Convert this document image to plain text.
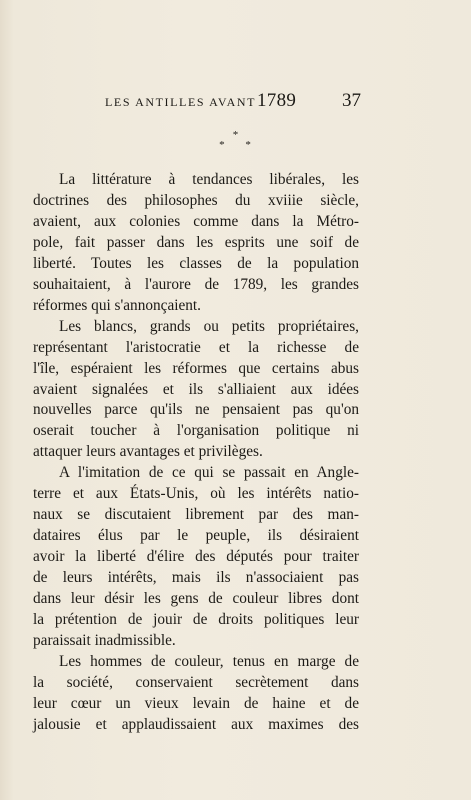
LES ANTILLES AVANT 1789 37
*
* *
La littérature à tendances libérales, les
doctrines des philosophes du xviiie siècle,
avaient, aux colonies comme dans la Métro-
pole, fait passer dans les esprits une soif de
liberté. Toutes les classes de la population
souhaitaient, à l'aurore de 1789, les grandes
réformes qui s'annonçaient.
Les blancs, grands ou petits propriétaires,
représentant l'aristocratie et la richesse de
l'île, espéraient les réformes que certains abus
avaient signalées et ils s'alliaient aux idées
nouvelles parce qu'ils ne pensaient pas qu'on
oserait toucher à l'organisation politique ni
attaquer leurs avantages et privilèges.
A l'imitation de ce qui se passait en Angle-
terre et aux États-Unis, où les intérêts natio-
naux se discutaient librement par des man-
dataires élus par le peuple, ils désiraient
avoir la liberté d'élire des députés pour traiter
de leurs intérêts, mais ils n'associaient pas
dans leur désir les gens de couleur libres dont
la prétention de jouir de droits politiques leur
paraissait inadmissible.
Les hommes de couleur, tenus en marge de
la société, conservaient secrètement dans
leur cœur un vieux levain de haine et de
jalousie et applaudissaient aux maximes des
